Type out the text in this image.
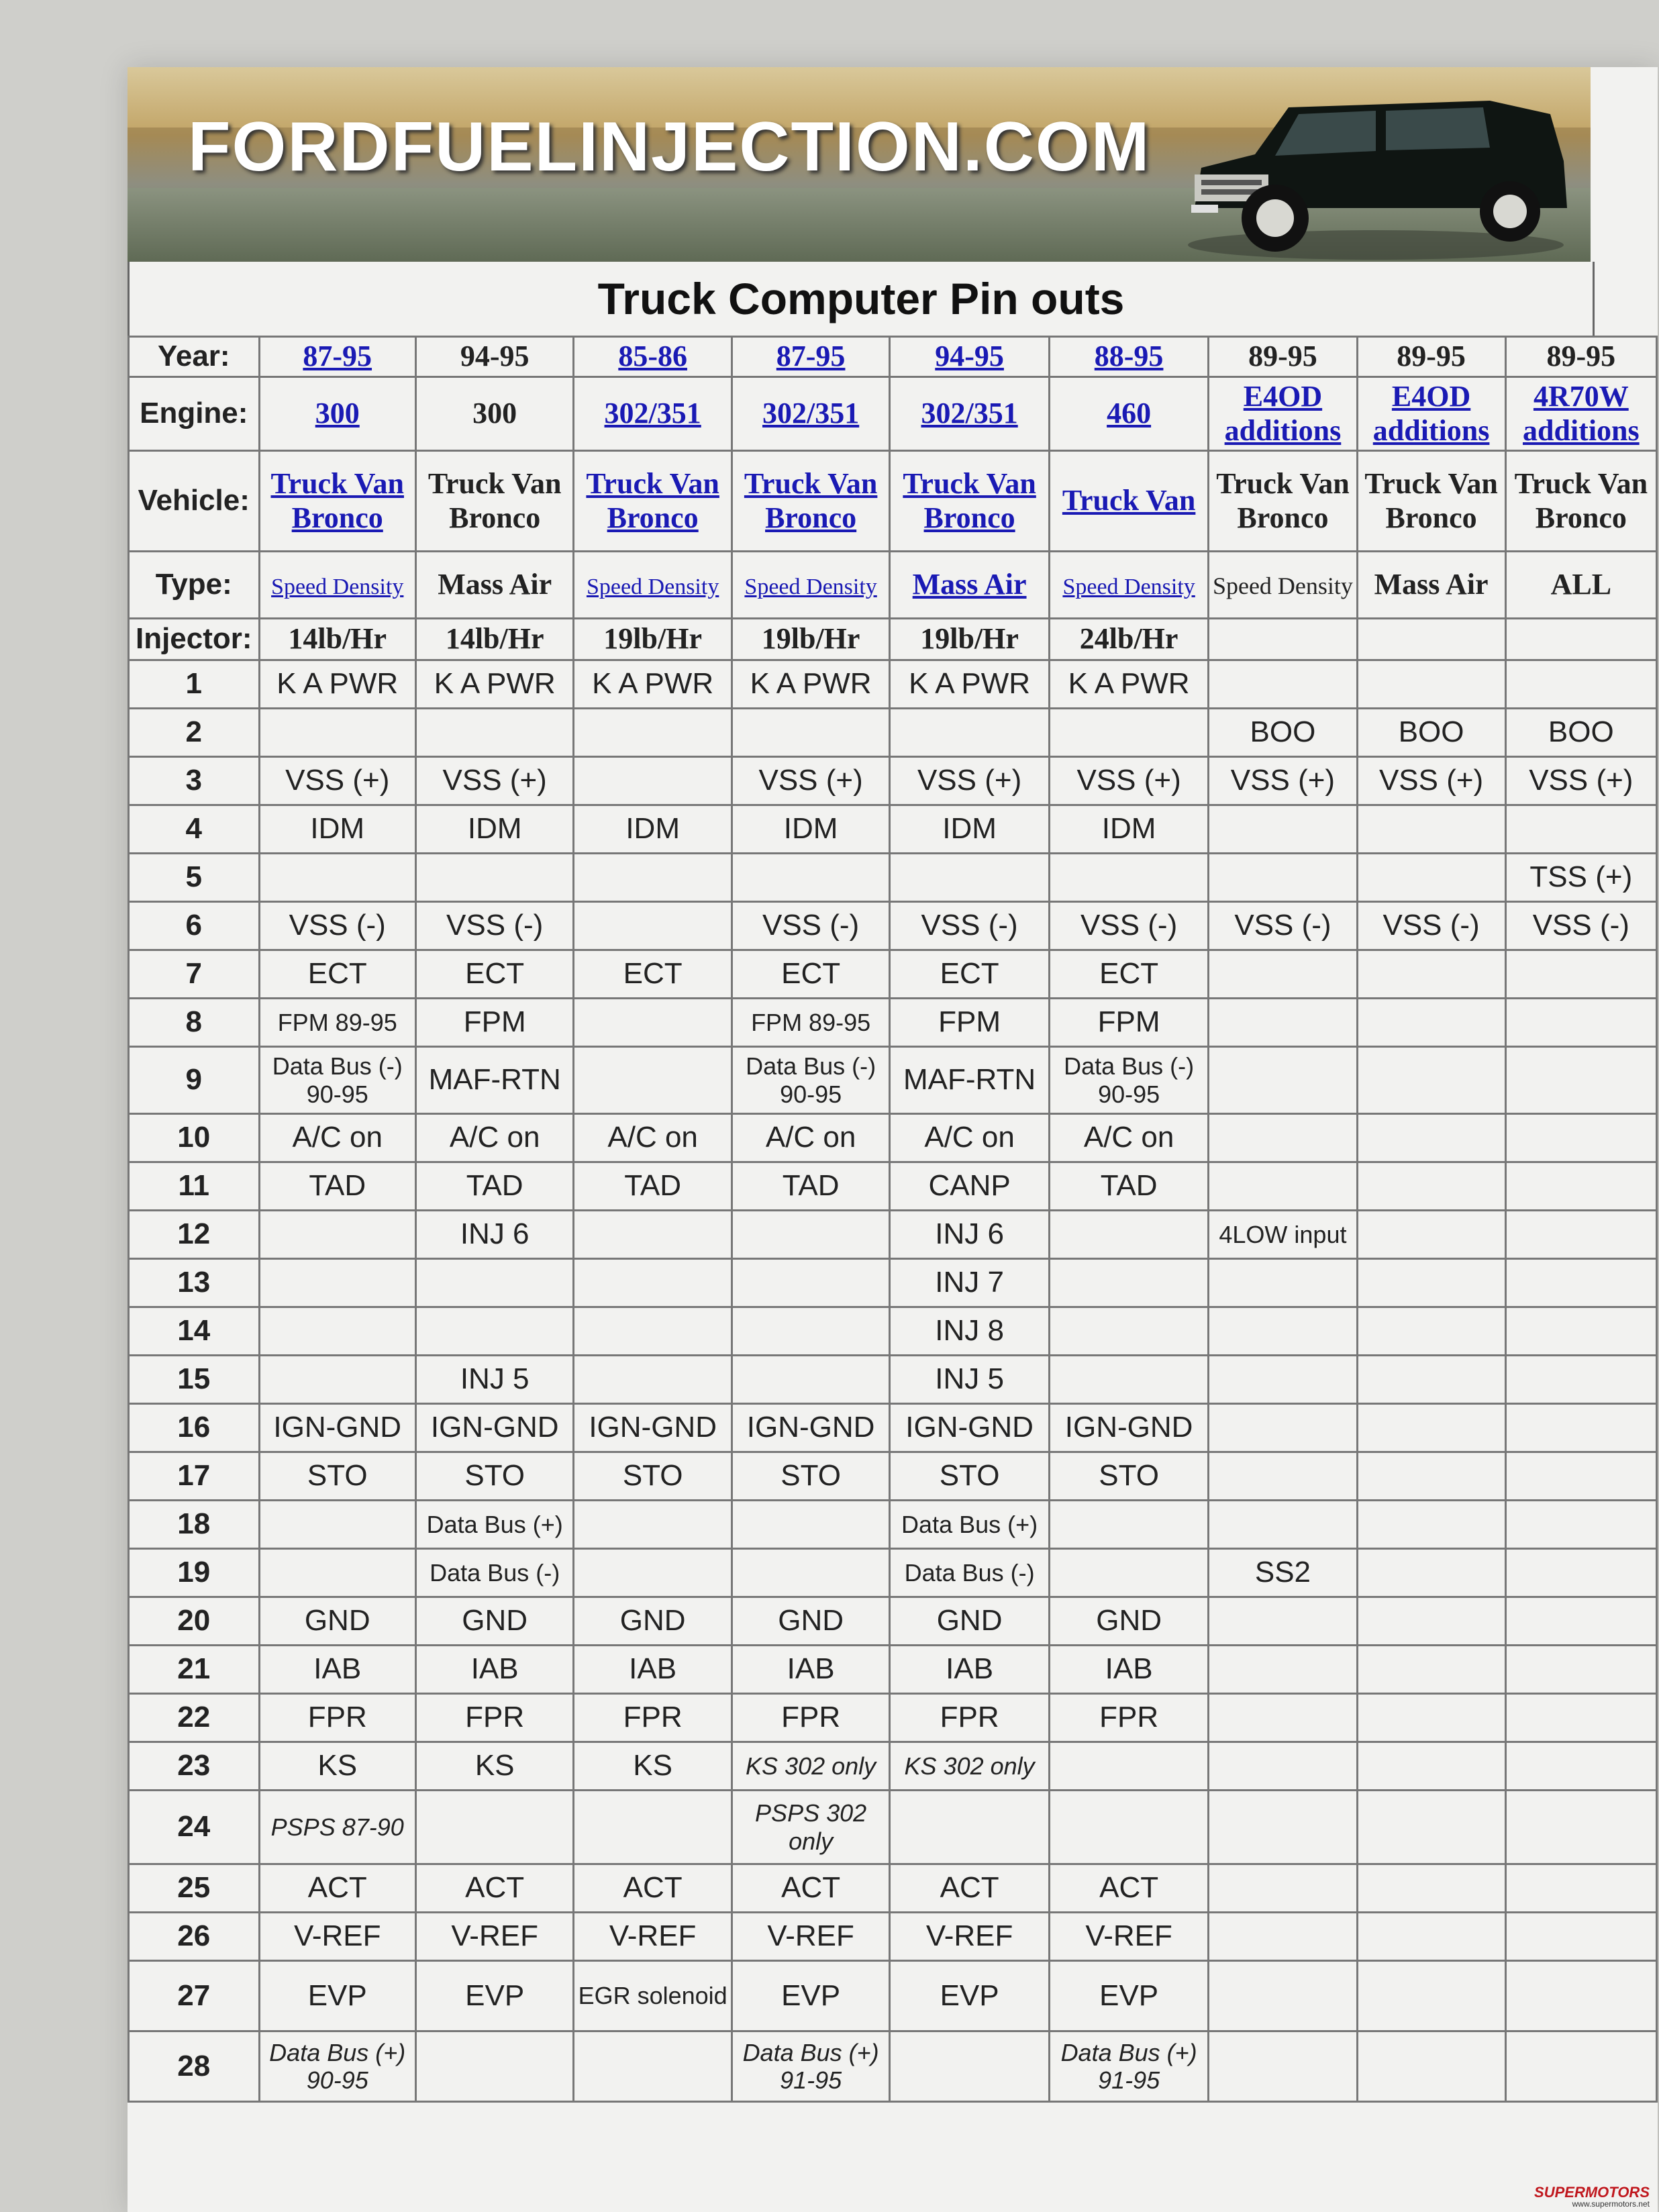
FORDFUELINJECTION.COM
Truck Computer Pin outs
Year:	87-95	94-95	85-86	87-95	94-95	88-95	89-95	89-95	89-95
Engine:	300	300	302/351	302/351	302/351	460	E4OD additions	E4OD additions	4R70W additions
Vehicle:	Truck Van Bronco	Truck Van Bronco	Truck Van Bronco	Truck Van Bronco	Truck Van Bronco	Truck Van	Truck Van Bronco	Truck Van Bronco	Truck Van Bronco
Type:	Speed Density	Mass Air	Speed Density	Speed Density	Mass Air	Speed Density	Speed Density	Mass Air	ALL
Injector:	14lb/Hr	14lb/Hr	19lb/Hr	19lb/Hr	19lb/Hr	24lb/Hr			
1	K A PWR	K A PWR	K A PWR	K A PWR	K A PWR	K A PWR			
2							BOO	BOO	BOO
3	VSS (+)	VSS (+)		VSS (+)	VSS (+)	VSS (+)	VSS (+)	VSS (+)	VSS (+)
4	IDM	IDM	IDM	IDM	IDM	IDM			
5									TSS (+)
6	VSS (-)	VSS (-)		VSS (-)	VSS (-)	VSS (-)	VSS (-)	VSS (-)	VSS (-)
7	ECT	ECT	ECT	ECT	ECT	ECT			
8	FPM 89-95	FPM		FPM 89-95	FPM	FPM			
9	Data Bus (-) 90-95	MAF-RTN		Data Bus (-) 90-95	MAF-RTN	Data Bus (-) 90-95			
10	A/C on	A/C on	A/C on	A/C on	A/C on	A/C on			
11	TAD	TAD	TAD	TAD	CANP	TAD			
12		INJ 6			INJ 6		4LOW input		
13					INJ 7				
14					INJ 8				
15		INJ 5			INJ 5				
16	IGN-GND	IGN-GND	IGN-GND	IGN-GND	IGN-GND	IGN-GND			
17	STO	STO	STO	STO	STO	STO			
18		Data Bus (+)			Data Bus (+)				
19		Data Bus (-)			Data Bus (-)		SS2		
20	GND	GND	GND	GND	GND	GND			
21	IAB	IAB	IAB	IAB	IAB	IAB			
22	FPR	FPR	FPR	FPR	FPR	FPR			
23	KS	KS	KS	KS 302 only	KS 302 only				
24	PSPS 87-90			PSPS 302 only					
25	ACT	ACT	ACT	ACT	ACT	ACT			
26	V-REF	V-REF	V-REF	V-REF	V-REF	V-REF			
27	EVP	EVP	EGR solenoid	EVP	EVP	EVP			
28	Data Bus (+) 90-95			Data Bus (+) 91-95		Data Bus (+) 91-95			
SUPERMOTORS
www.supermotors.net
